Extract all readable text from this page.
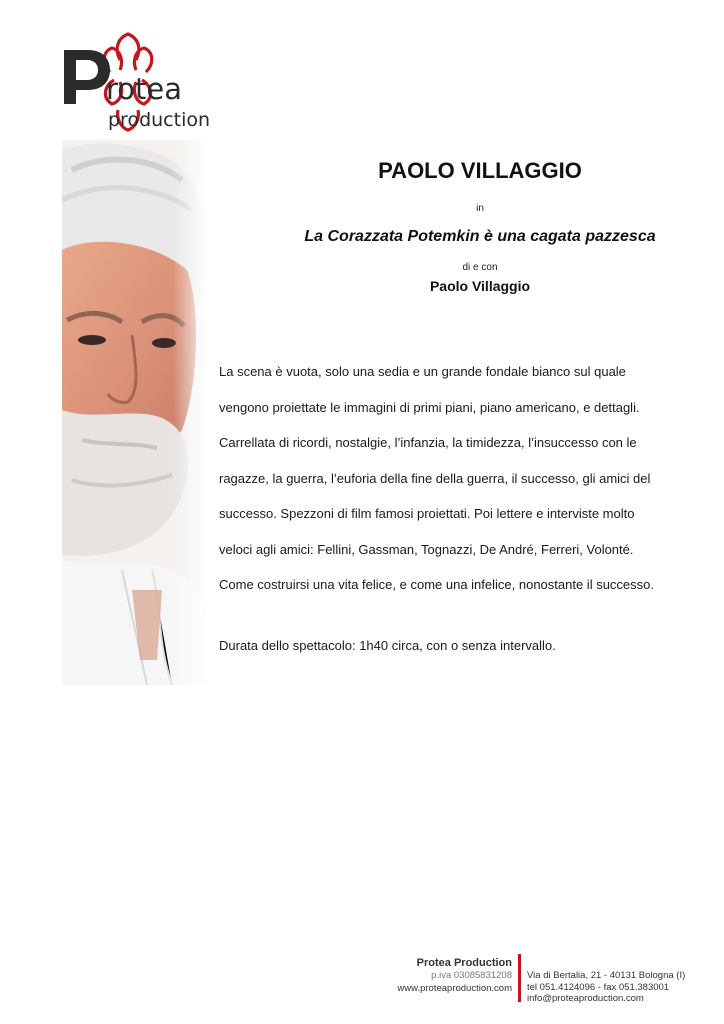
rotea
production
PAOLO VILLAGGIO
in
La Corazzata Potemkin è una cagata pazzesca
di e con
Paolo Villaggio
La scena è vuota, solo una sedia e un grande fondale bianco sul quale
vengono proiettate le immagini di primi piani, piano americano, e dettagli.
Carrellata di ricordi, nostalgie, l’infanzia, la timidezza, l’insuccesso con le
ragazze, la guerra, l’euforia della fine della guerra, il successo, gli amici del
successo. Spezzoni di film famosi proiettati. Poi lettere e interviste molto
veloci agli amici: Fellini, Gassman, Tognazzi, De André, Ferreri, Volonté.
Come costruirsi una vita felice, e come una infelice, nonostante il successo.
Durata dello spettacolo: 1h40 circa, con o senza intervallo.
Protea Production
p.iva 03085831208
www.proteaproduction.com
Via di Bertalia, 21 - 40131 Bologna (I)
tel 051.4124096 - fax 051.383001
info@proteaproduction.com
